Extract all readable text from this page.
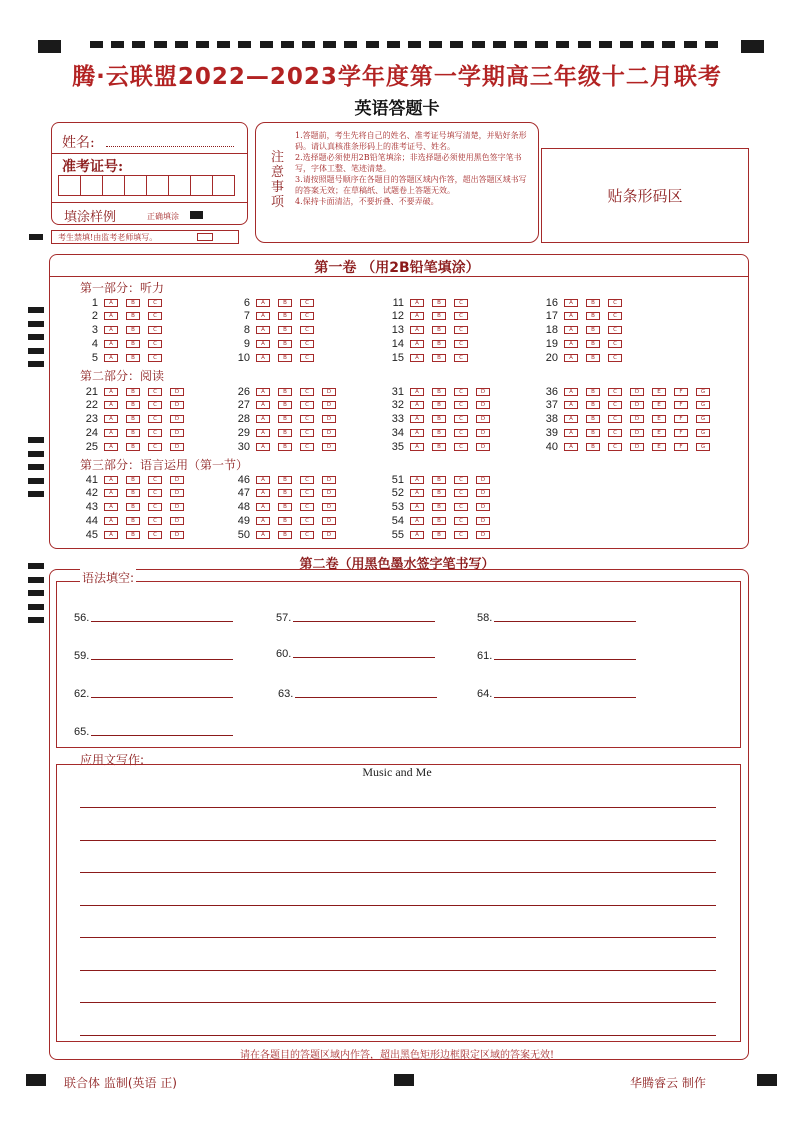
腾·云联盟2022—2023学年度第一学期高三年级十二月联考
英语答题卡
姓名:
准考证号:
填涂样例	正确填涂
考生禁填!由监考老师填写。
注意事项
1.答题前，考生先将自己的姓名、准考证号填写清楚，并贴好条形码。请认真核准条形码上的准考证号、姓名。
2.选择题必须使用2B铅笔填涂；非选择题必须使用黑色签字笔书写，字体工整、笔迹清楚。
3.请按照题号顺序在各题目的答题区域内作答，超出答题区域书写的答案无效；在草稿纸、试题卷上答题无效。
4.保持卡面清洁，不要折叠、不要弄破。	贴条形码区
第一卷 （用2B铅笔填涂）
第一部分：听力
第二部分：阅读
第三部分：语言运用（第一节）
1	A	B	C
2	A	B	C
3	A	B	C
4	A	B	C
5	A	B	C
6	A	B	C
7	A	B	C
8	A	B	C
9	A	B	C
10	A	B	C
11	A	B	C
12	A	B	C
13	A	B	C
14	A	B	C
15	A	B	C
16	A	B	C
17	A	B	C
18	A	B	C
19	A	B	C
20	A	B	C
21	A	B	C	D
22	A	B	C	D
23	A	B	C	D
24	A	B	C	D
25	A	B	C	D
26	A	B	C	D
27	A	B	C	D
28	A	B	C	D
29	A	B	C	D
30	A	B	C	D
31	A	B	C	D
32	A	B	C	D
33	A	B	C	D
34	A	B	C	D
35	A	B	C	D
36	A	B	C	D	E	F	G
37	A	B	C	D	E	F	G
38	A	B	C	D	E	F	G
39	A	B	C	D	E	F	G
40	A	B	C	D	E	F	G
41	A	B	C	D
42	A	B	C	D
43	A	B	C	D
44	A	B	C	D
45	A	B	C	D
46	A	B	C	D
47	A	B	C	D
48	A	B	C	D
49	A	B	C	D
50	A	B	C	D
51	A	B	C	D
52	A	B	C	D
53	A	B	C	D
54	A	B	C	D
55	A	B	C	D
第二卷（用黑色墨水签字笔书写）
语法填空:
56.	57.	58.
59.	60.	61.
62.	63.	64.
65.
应用文写作:
Music and Me
请在各题目的答题区域内作答，超出黑色矩形边框限定区域的答案无效!
联合体 监制(英语 正)	华腾睿云 制作
